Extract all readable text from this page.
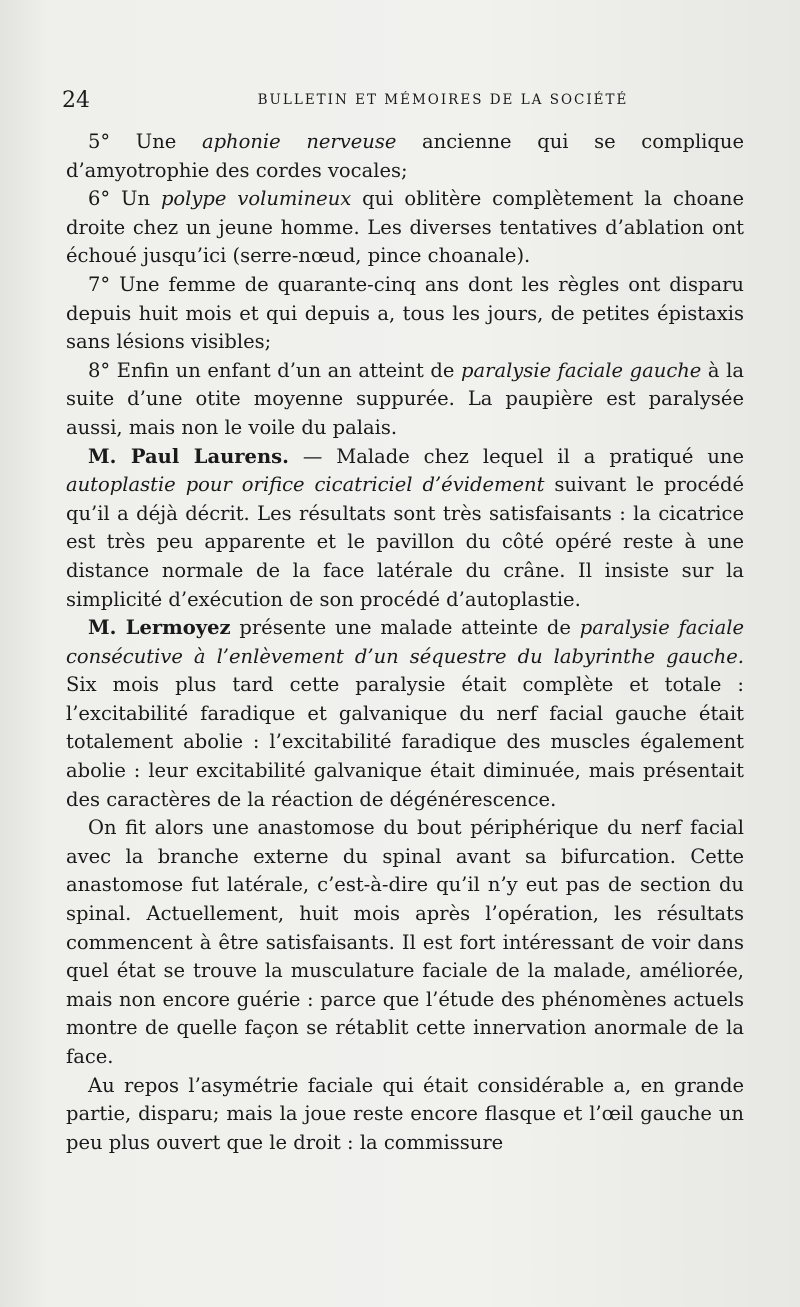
24	BULLETIN ET MÉMOIRES DE LA SOCIÉTÉ

5° Une aphonie nerveuse ancienne qui se complique d’amyotrophie des cordes vocales;

6° Un polype volumineux qui oblitère complètement la choane droite chez un jeune homme. Les diverses tentatives d’ablation ont échoué jusqu’ici (serre-nœud, pince choanale).

7° Une femme de quarante-cinq ans dont les règles ont disparu depuis huit mois et qui depuis a, tous les jours, de petites épistaxis sans lésions visibles;

8° Enfin un enfant d’un an atteint de paralysie faciale gauche à la suite d’une otite moyenne suppurée. La paupière est paralysée aussi, mais non le voile du palais.

M. Paul Laurens. — Malade chez lequel il a pratiqué une autoplastie pour orifice cicatriciel d’évidement suivant le procédé qu’il a déjà décrit. Les résultats sont très satisfaisants : la cicatrice est très peu apparente et le pavillon du côté opéré reste à une distance normale de la face latérale du crâne. Il insiste sur la simplicité d’exécution de son procédé d’autoplastie.

M. Lermoyez présente une malade atteinte de paralysie faciale consécutive à l’enlèvement d’un séquestre du labyrinthe gauche. Six mois plus tard cette paralysie était complète et totale : l’excitabilité faradique et galvanique du nerf facial gauche était totalement abolie : l’excitabilité faradique des muscles également abolie : leur excitabilité galvanique était diminuée, mais présentait des caractères de la réaction de dégénérescence.

On fit alors une anastomose du bout périphérique du nerf facial avec la branche externe du spinal avant sa bifurcation. Cette anastomose fut latérale, c’est-à-dire qu’il n’y eut pas de section du spinal. Actuellement, huit mois après l’opération, les résultats commencent à être satisfaisants. Il est fort intéressant de voir dans quel état se trouve la musculature faciale de la malade, améliorée, mais non encore guérie : parce que l’étude des phénomènes actuels montre de quelle façon se rétablit cette innervation anormale de la face.

Au repos l’asymétrie faciale qui était considérable a, en grande partie, disparu; mais la joue reste encore flasque et l’œil gauche un peu plus ouvert que le droit : la commissure
